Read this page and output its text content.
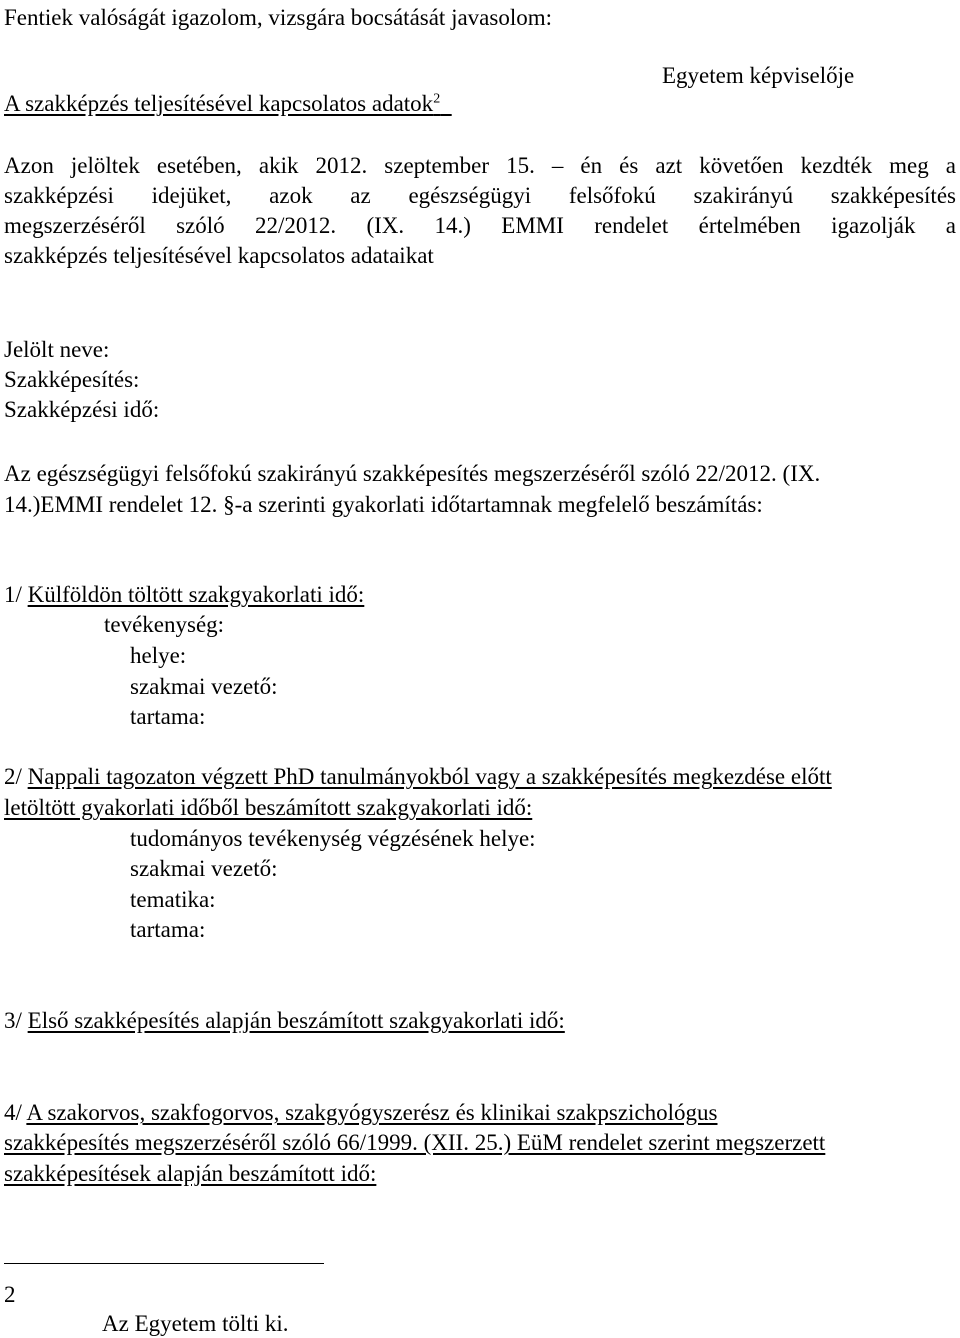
Fentiek valóságát igazolom, vizsgára bocsátását javasolom:
Egyetem képviselője
A szakképzés teljesítésével kapcsolatos adatok$^2$
Azon jelöltek esetében, akik 2012. szeptember 15. – én és azt követően kezdték meg a
szakképzési idejüket, azok az egészségügyi felsőfokú szakirányú szakképesítés
megszerzéséről szóló 22/2012. (IX. 14.) EMMI rendelet értelmében igazolják a
szakképzés teljesítésével kapcsolatos adataikat
Jelölt neve:
Szakképesítés:
Szakképzési idő:
Az egészségügyi felsőfokú szakirányú szakképesítés megszerzéséről szóló 22/2012. (IX.
14.)EMMI rendelet 12. §-a szerinti gyakorlati időtartamnak megfelelő beszámítás:
1/ Külföldön töltött szakgyakorlati idő:
tevékenység:
helye:
szakmai vezető:
tartama:
2/ Nappali tagozaton végzett PhD tanulmányokból vagy a szakképesítés megkezdése előtt
letöltött gyakorlati időből beszámított szakgyakorlati idő:
tudományos tevékenység végzésének helye:
szakmai vezető:
tematika:
tartama:
3/ Első szakképesítés alapján beszámított szakgyakorlati idő:
4/ A szakorvos, szakfogorvos, szakgyógyszerész és klinikai szakpszichológus
szakképesítés megszerzéséről szóló 66/1999. (XII. 25.) EüM rendelet szerint megszerzett
szakképesítések alapján beszámított idő:
2
Az Egyetem tölti ki.
